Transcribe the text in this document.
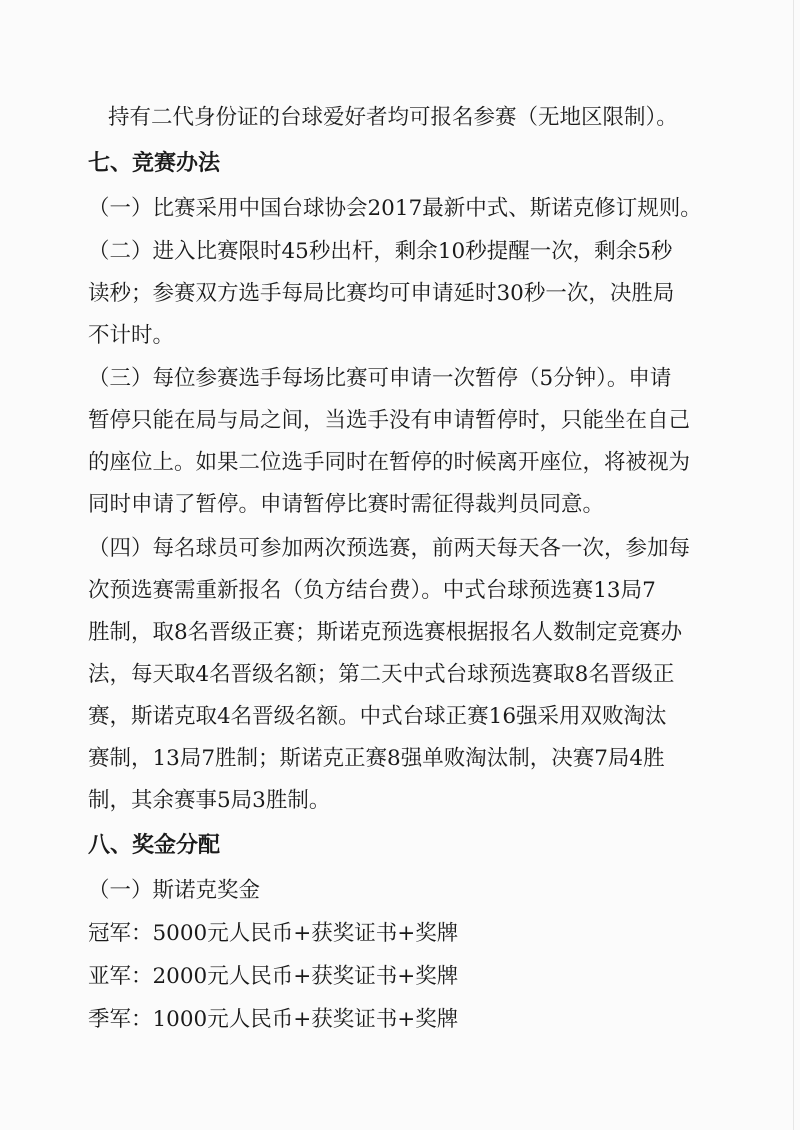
持有二代身份证的台球爱好者均可报名参赛（无地区限制）。
七、竞赛办法
（一）比赛采用中国台球协会2017最新中式、斯诺克修订规则。
（二）进入比赛限时45秒出杆，剩余10秒提醒一次，剩余5秒
读秒；参赛双方选手每局比赛均可申请延时30秒一次，决胜局
不计时。
（三）每位参赛选手每场比赛可申请一次暂停（5分钟）。申请
暂停只能在局与局之间，当选手没有申请暂停时，只能坐在自己
的座位上。如果二位选手同时在暂停的时候离开座位，将被视为
同时申请了暂停。申请暂停比赛时需征得裁判员同意。
（四）每名球员可参加两次预选赛，前两天每天各一次，参加每
次预选赛需重新报名（负方结台费）。中式台球预选赛13局7
胜制，取8名晋级正赛；斯诺克预选赛根据报名人数制定竞赛办
法，每天取4名晋级名额；第二天中式台球预选赛取8名晋级正
赛，斯诺克取4名晋级名额。中式台球正赛16强采用双败淘汰
赛制，13局7胜制；斯诺克正赛8强单败淘汰制，决赛7局4胜
制，其余赛事5局3胜制。
八、奖金分配
（一）斯诺克奖金
冠军：5000元人民币+获奖证书+奖牌
亚军：2000元人民币+获奖证书+奖牌
季军：1000元人民币+获奖证书+奖牌
